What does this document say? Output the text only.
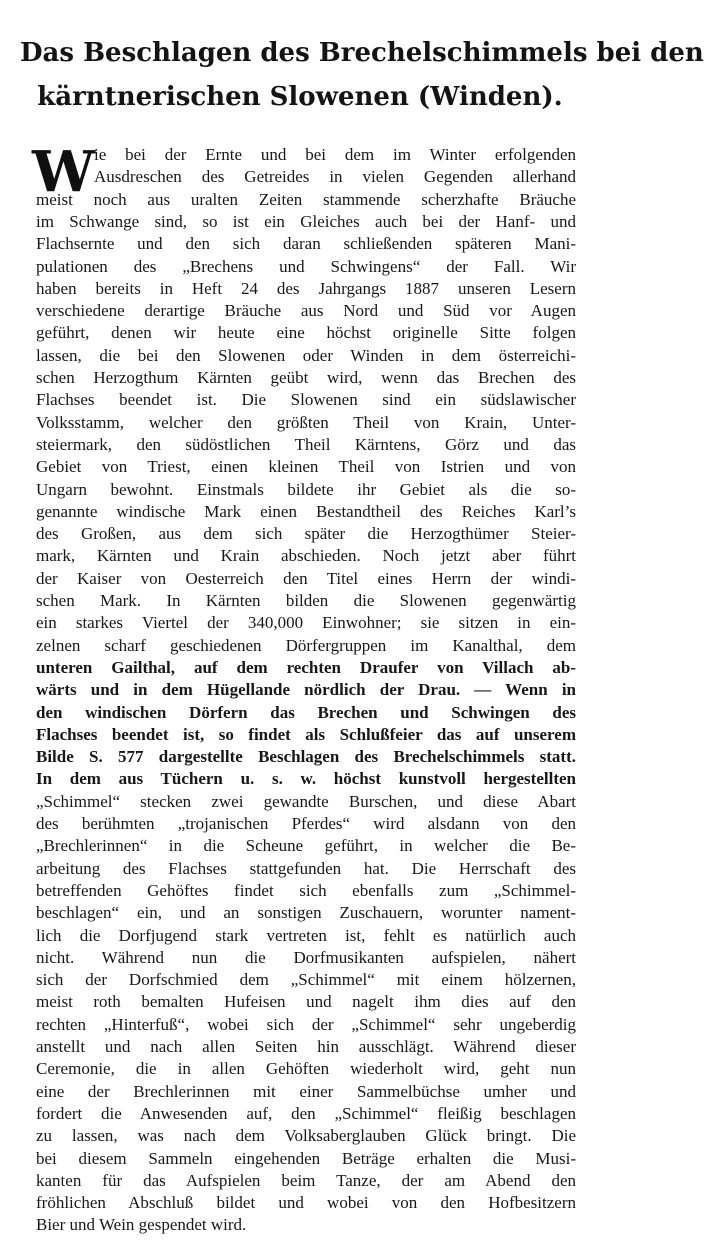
Das Beschlagen des Brechelschimmels bei den
kärntnerischen Slowenen (Winden).
W ie bei der Ernte und bei dem im Winter erfolgenden
Ausdreschen des Getreides in vielen Gegenden allerhand
meist noch aus uralten Zeiten stammende scherzhafte Bräuche
im Schwange sind, so ist ein Gleiches auch bei der Hanf- und
Flachsernte und den sich daran schließenden späteren Mani-
pulationen des „Brechens und Schwingens“ der Fall. Wir
haben bereits in Heft 24 des Jahrgangs 1887 unseren Lesern
verschiedene derartige Bräuche aus Nord und Süd vor Augen
geführt, denen wir heute eine höchst originelle Sitte folgen
lassen, die bei den Slowenen oder Winden in dem österreichi-
schen Herzogthum Kärnten geübt wird, wenn das Brechen des
Flachses beendet ist. Die Slowenen sind ein südslawischer
Volksstamm, welcher den größten Theil von Krain, Unter-
steiermark, den südöstlichen Theil Kärntens, Görz und das
Gebiet von Triest, einen kleinen Theil von Istrien und von
Ungarn bewohnt. Einstmals bildete ihr Gebiet als die so-
genannte windische Mark einen Bestandtheil des Reiches Karl’s
des Großen, aus dem sich später die Herzogthümer Steier-
mark, Kärnten und Krain abschieden. Noch jetzt aber führt
der Kaiser von Oesterreich den Titel eines Herrn der windi-
schen Mark. In Kärnten bilden die Slowenen gegenwärtig
ein starkes Viertel der 340,000 Einwohner; sie sitzen in ein-
zelnen scharf geschiedenen Dörfergruppen im Kanalthal, dem
unteren Gailthal, auf dem rechten Draufer von Villach ab-
wärts und in dem Hügellande nördlich der Drau. — Wenn in
den windischen Dörfern das Brechen und Schwingen des
Flachses beendet ist, so findet als Schlußfeier das auf unserem
Bilde S. 577 dargestellte Beschlagen des Brechelschimmels statt.
In dem aus Tüchern u. s. w. höchst kunstvoll hergestellten
„Schimmel“ stecken zwei gewandte Burschen, und diese Abart
des berühmten „trojanischen Pferdes“ wird alsdann von den
„Brechlerinnen“ in die Scheune geführt, in welcher die Be-
arbeitung des Flachses stattgefunden hat. Die Herrschaft des
betreffenden Gehöftes findet sich ebenfalls zum „Schimmel-
beschlagen“ ein, und an sonstigen Zuschauern, worunter nament-
lich die Dorfjugend stark vertreten ist, fehlt es natürlich auch
nicht. Während nun die Dorfmusikanten aufspielen, nähert
sich der Dorfschmied dem „Schimmel“ mit einem hölzernen,
meist roth bemalten Hufeisen und nagelt ihm dies auf den
rechten „Hinterfuß“, wobei sich der „Schimmel“ sehr ungeberdig
anstellt und nach allen Seiten hin ausschlägt. Während dieser
Ceremonie, die in allen Gehöften wiederholt wird, geht nun
eine der Brechlerinnen mit einer Sammelbüchse umher und
fordert die Anwesenden auf, den „Schimmel“ fleißig beschlagen
zu lassen, was nach dem Volksaberglauben Glück bringt. Die
bei diesem Sammeln eingehenden Beträge erhalten die Musi-
kanten für das Aufspielen beim Tanze, der am Abend den
fröhlichen Abschluß bildet und wobei von den Hofbesitzern
Bier und Wein gespendet wird.
